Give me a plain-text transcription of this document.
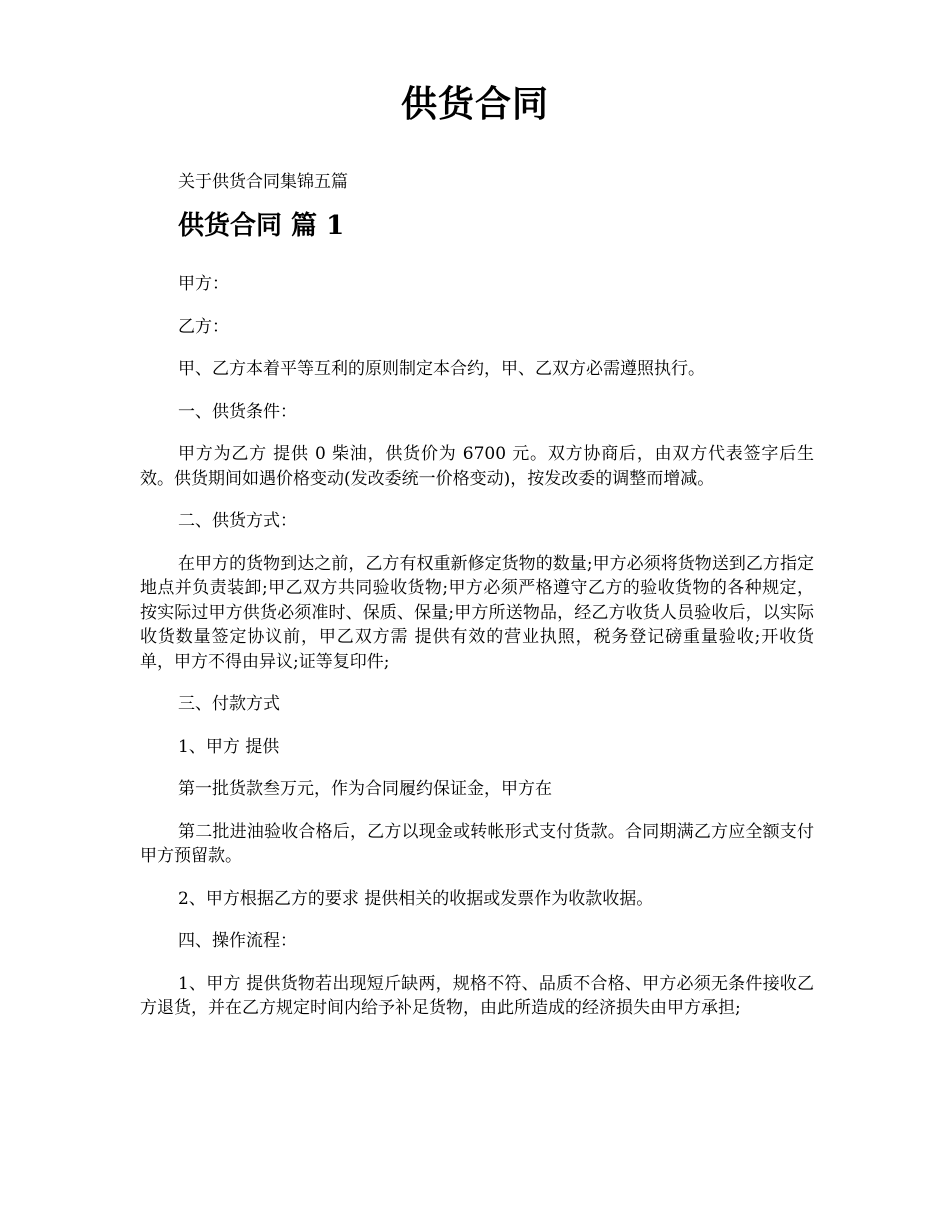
供货合同

关于供货合同集锦五篇

供货合同 篇 1

甲方：

乙方：

甲、乙方本着平等互利的原则制定本合约，甲、乙双方必需遵照执行。

一、供货条件：

甲方为乙方 提供 0 柴油，供货价为 6700 元。双方协商后，由双方代表签字后生效。供货期间如遇价格变动(发改委统一价格变动)，按发改委的调整而增减。

二、供货方式：

在甲方的货物到达之前，乙方有权重新修定货物的数量;甲方必须将货物送到乙方指定地点并负责装卸;甲乙双方共同验收货物;甲方必须严格遵守乙方的验收货物的各种规定，按实际过甲方供货必须准时、保质、保量;甲方所送物品，经乙方收货人员验收后，以实际收货数量签定协议前，甲乙双方需 提供有效的营业执照，税务登记磅重量验收;开收货单，甲方不得由异议;证等复印件;

三、付款方式

1、甲方 提供

第一批货款叁万元，作为合同履约保证金，甲方在

第二批进油验收合格后，乙方以现金或转帐形式支付货款。合同期满乙方应全额支付甲方预留款。

2、甲方根据乙方的要求 提供相关的收据或发票作为收款收据。

四、操作流程：

1、甲方 提供货物若出现短斤缺两，规格不符、品质不合格、甲方必须无条件接收乙方退货，并在乙方规定时间内给予补足货物，由此所造成的经济损失由甲方承担;
